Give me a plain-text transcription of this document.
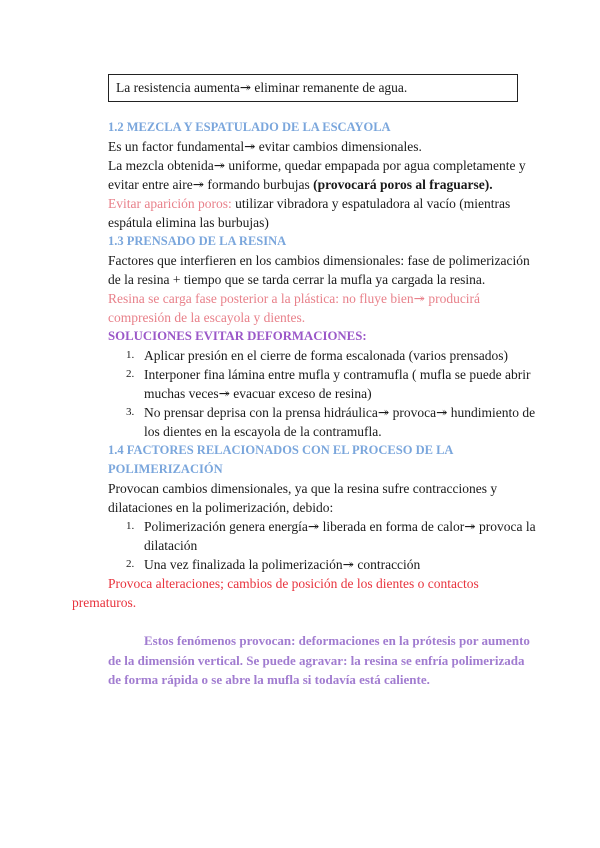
La resistencia aumenta↠ eliminar remanente de agua.

1.2 MEZCLA Y ESPATULADO DE LA ESCAYOLA

Es un factor fundamental↠ evitar cambios dimensionales.

La mezcla obtenida↠ uniforme, quedar empapada por agua completamente y evitar entre aire↠ formando burbujas (provocará poros al fraguarse).

Evitar aparición poros: utilizar vibradora y espatuladora al vacío (mientras espátula elimina las burbujas)

1.3 PRENSADO DE LA RESINA

Factores que interfieren en los cambios dimensionales: fase de polimerización de la resina + tiempo que se tarda cerrar la mufla ya cargada la resina.

Resina se carga fase posterior a la plástica: no fluye bien↠ producirá compresión de la escayola y dientes.

SOLUCIONES EVITAR DEFORMACIONES:

1. Aplicar presión en el cierre de forma escalonada (varios prensados)
2. Interponer fina lámina entre mufla y contramufla ( mufla se puede abrir muchas veces↠ evacuar exceso de resina)
3. No prensar deprisa con la prensa hidráulica↠ provoca↠ hundimiento de los dientes en la escayola de la contramufla.

1.4 FACTORES RELACIONADOS CON EL PROCESO DE LA POLIMERIZACIÓN

Provocan cambios dimensionales, ya que la resina sufre contracciones y dilataciones en la polimerización, debido:

1. Polimerización genera energía↠ liberada en forma de calor↠ provoca la dilatación
2. Una vez finalizada la polimerización↠ contracción

Provoca alteraciones; cambios de posición de los dientes o contactos prematuros.

Estos fenómenos provocan: deformaciones en la prótesis por aumento de la dimensión vertical. Se puede agravar: la resina se enfría polimerizada de forma rápida o se abre la mufla si todavía está caliente.
